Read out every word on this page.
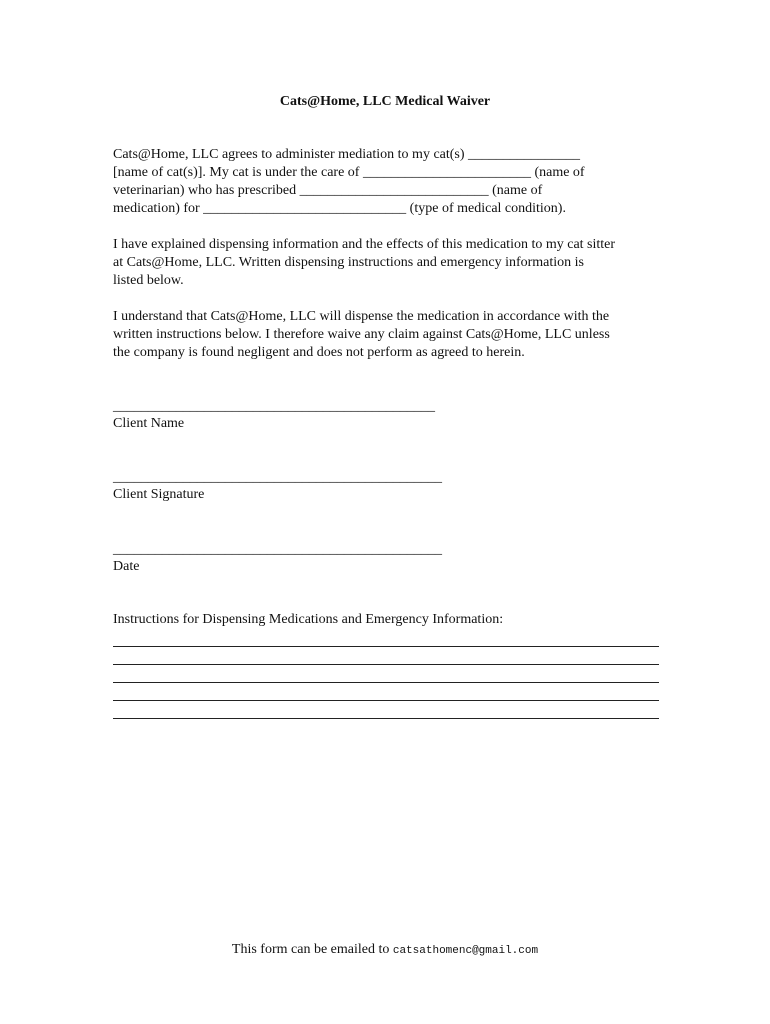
Cats@Home, LLC Medical Waiver
Cats@Home, LLC agrees to administer mediation to my cat(s) ________________
[name of cat(s)]. My cat is under the care of ________________________ (name of
veterinarian) who has prescribed ___________________________ (name of
medication) for _____________________________ (type of medical condition).
I have explained dispensing information and the effects of this medication to my cat sitter
at Cats@Home, LLC. Written dispensing instructions and emergency information is
listed below.
I understand that Cats@Home, LLC will dispense the medication in accordance with the
written instructions below. I therefore waive any claim against Cats@Home, LLC unless
the company is found negligent and does not perform as agreed to herein.
______________________________________________
Client Name
_______________________________________________
Client Signature
_______________________________________________
Date
Instructions for Dispensing Medications and Emergency Information:
This form can be emailed to catsathomenc@gmail.com
